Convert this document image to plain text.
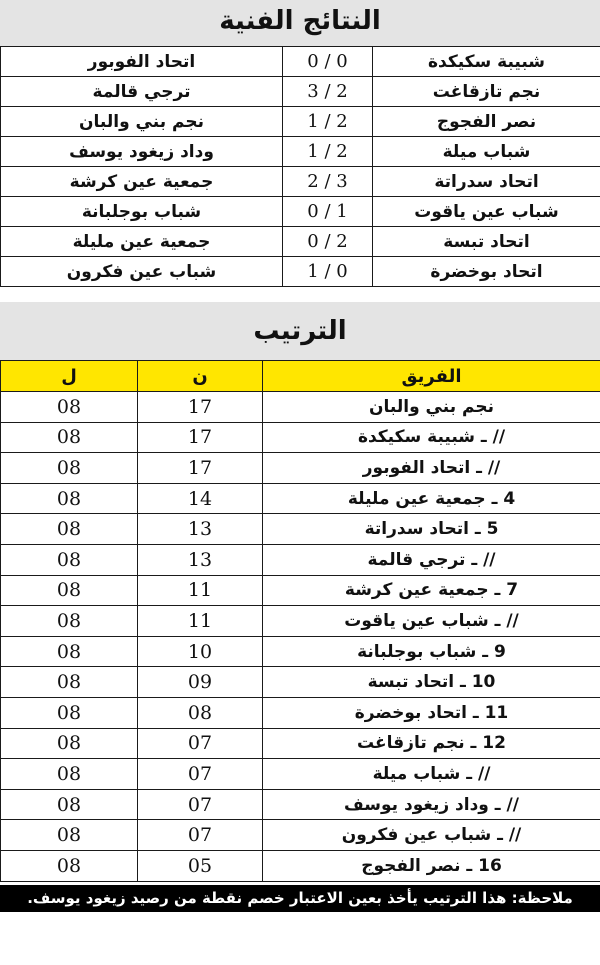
النتائج الفنية
اتحاد الفوبور	0 / 0	شبيبة سكيكدة
ترجي قالمة	3 / 2	نجم تازقاغت
نجم بني والبان	1 / 2	نصر الفجوج
وداد زيغود يوسف	1 / 2	شباب ميلة
جمعية عين كرشة	2 / 3	اتحاد سدراتة
شباب بوجلبانة	0 / 1	شباب عين ياقوت
جمعية عين مليلة	0 / 2	اتحاد تبسة
شباب عين فكرون	1 / 0	اتحاد بوخضرة
الترتيب
ل	ن	الفريق
08	17	نجم بني والبان
08	17	// ـ شبيبة سكيكدة
08	17	// ـ اتحاد الفوبور
08	14	4 ـ جمعية عين مليلة
08	13	5 ـ اتحاد سدراتة
08	13	// ـ ترجي قالمة
08	11	7 ـ جمعية عين كرشة
08	11	// ـ شباب عين ياقوت
08	10	9 ـ شباب بوجلبانة
08	09	10 ـ اتحاد تبسة
08	08	11 ـ اتحاد بوخضرة
08	07	12 ـ نجم تازقاغت
08	07	// ـ شباب ميلة
08	07	// ـ وداد زيغود يوسف
08	07	// ـ شباب عين فكرون
08	05	16 ـ نصر الفجوج
ملاحظة: هذا الترتيب يأخذ بعين الاعتبار خصم نقطة من رصيد زيغود يوسف.
